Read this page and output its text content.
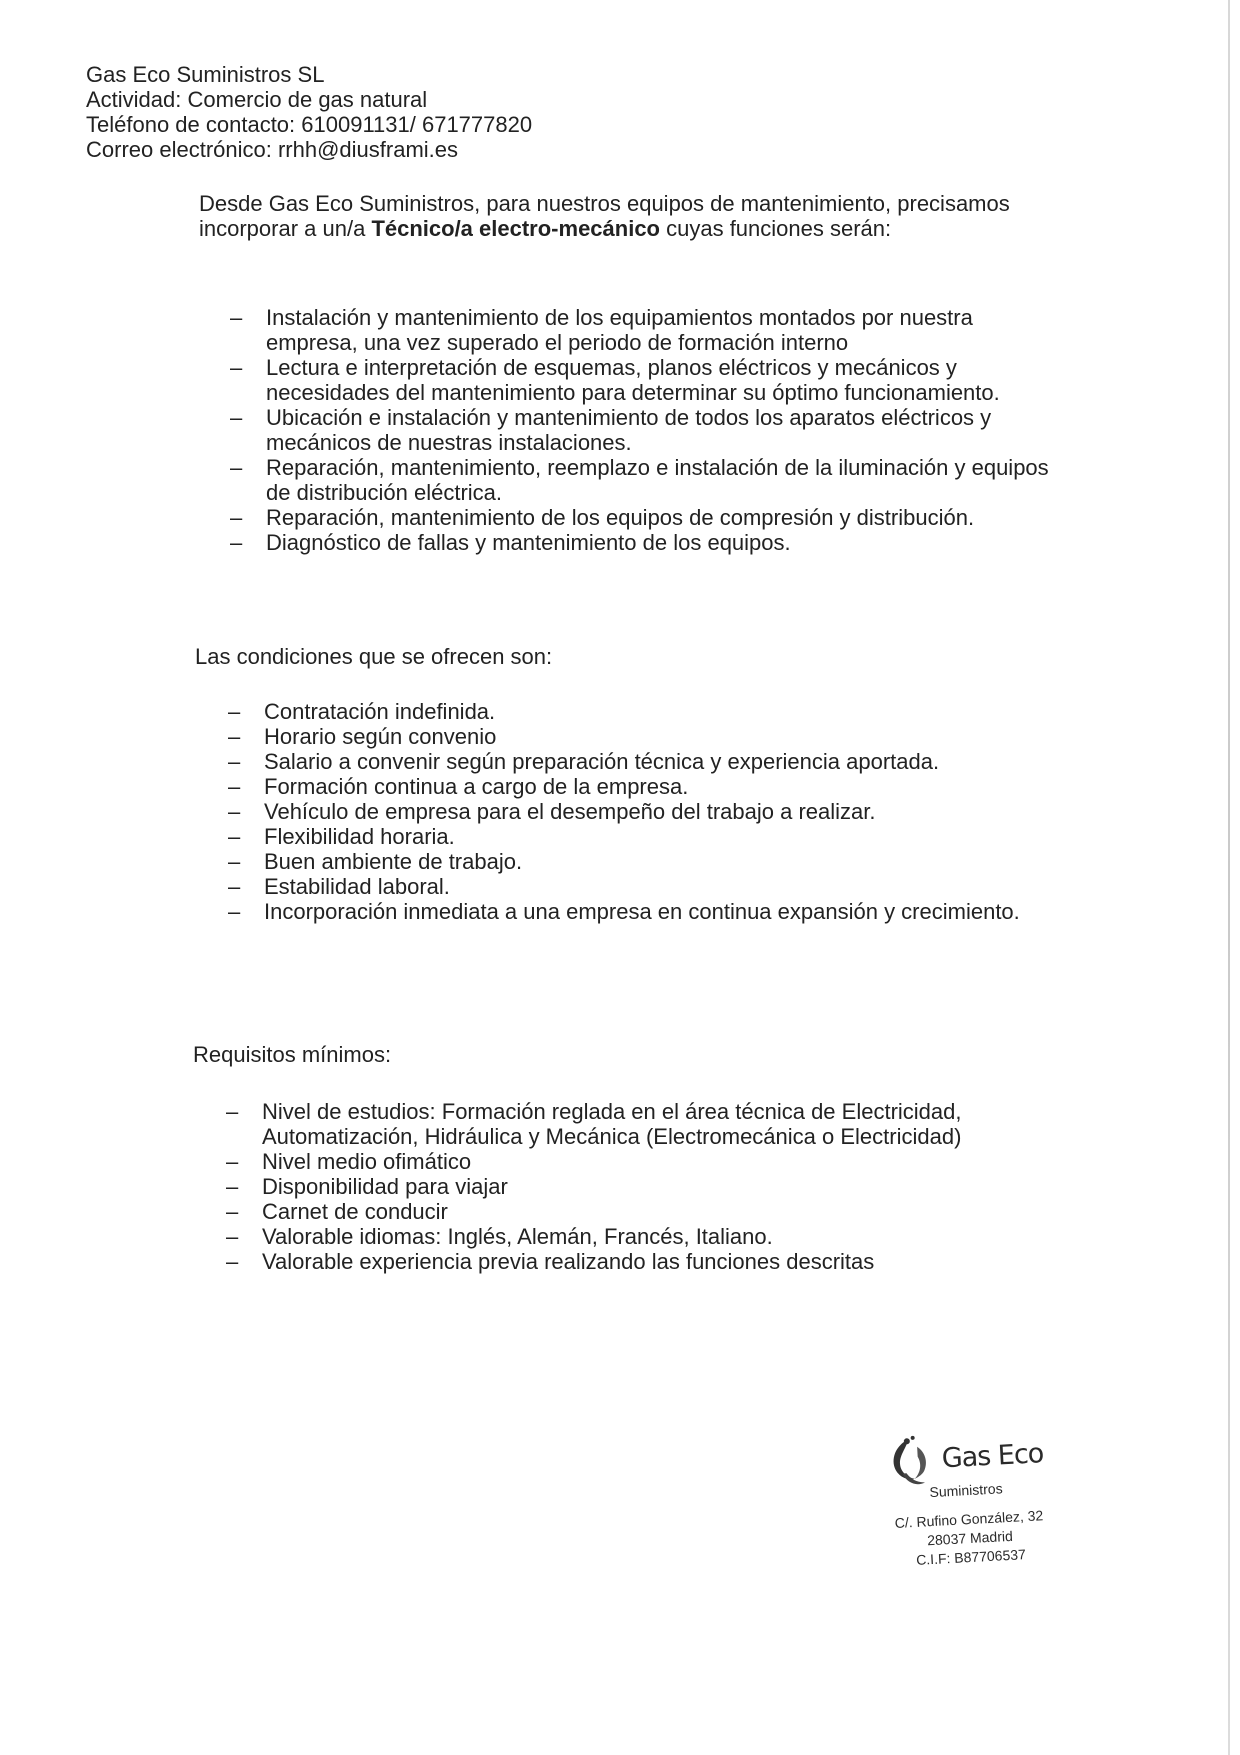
Gas Eco Suministros SL
Actividad: Comercio de gas natural
Teléfono de contacto: 610091131/ 671777820
Correo electrónico: rrhh@diusframi.es
Desde Gas Eco Suministros, para nuestros equipos de mantenimiento, precisamos incorporar a un/a Técnico/a electro-mecánico cuyas funciones serán:
– Instalación y mantenimiento de los equipamientos montados por nuestra empresa, una vez superado el periodo de formación interno
– Lectura e interpretación de esquemas, planos eléctricos y mecánicos y necesidades del mantenimiento para determinar su óptimo funcionamiento.
– Ubicación e instalación y mantenimiento de todos los aparatos eléctricos y mecánicos de nuestras instalaciones.
– Reparación, mantenimiento, reemplazo e instalación de la iluminación y equipos de distribución eléctrica.
– Reparación, mantenimiento de los equipos de compresión y distribución.
– Diagnóstico de fallas y mantenimiento de los equipos.
Las condiciones que se ofrecen son:
– Contratación indefinida.
– Horario según convenio
– Salario a convenir según preparación técnica y experiencia aportada.
– Formación continua a cargo de la empresa.
– Vehículo de empresa para el desempeño del trabajo a realizar.
– Flexibilidad horaria.
– Buen ambiente de trabajo.
– Estabilidad laboral.
– Incorporación inmediata a una empresa en continua expansión y crecimiento.
Requisitos mínimos:
– Nivel de estudios: Formación reglada en el área técnica de Electricidad, Automatización, Hidráulica y Mecánica (Electromecánica o Electricidad)
– Nivel medio ofimático
– Disponibilidad para viajar
– Carnet de conducir
– Valorable idiomas: Inglés, Alemán, Francés, Italiano.
– Valorable experiencia previa realizando las funciones descritas
Gas Eco
Suministros
C/. Rufino González, 32
28037 Madrid
C.I.F: B87706537
